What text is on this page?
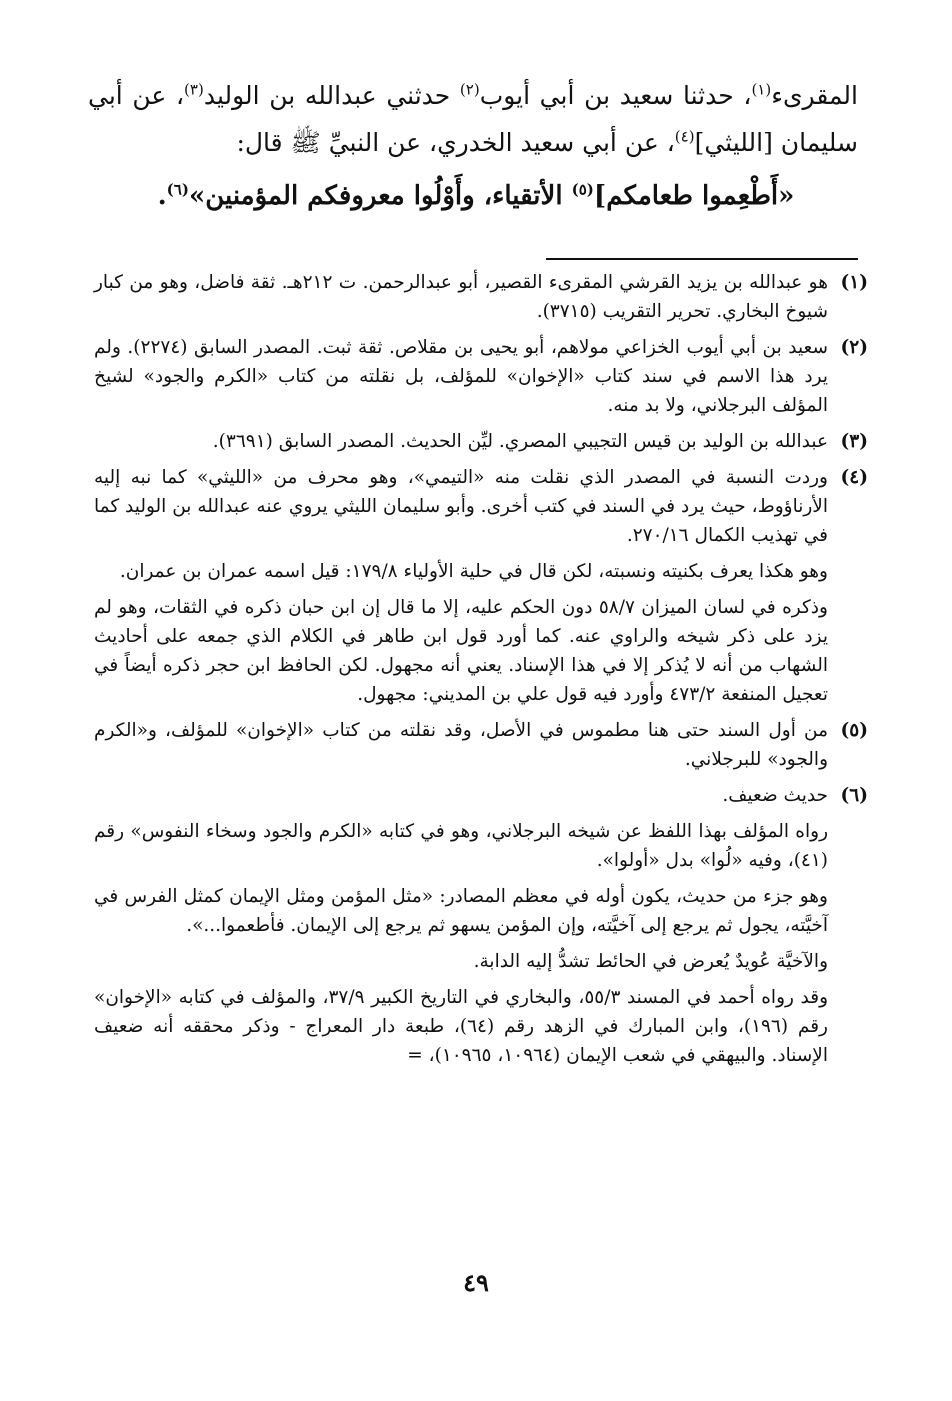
المقرىء$^{(١)}$، حدثنا سعيد بن أبي أيوب$^{(٢)}$ حدثني عبدالله بن الوليد$^{(٣)}$، عن أبي سليمان [الليثي]$^{(٤)}$، عن أبي سعيد الخدري، عن النبيِّ ﷺ قال:
«أَطْعِموا طعامكم]$^{(٥)}$ الأتقياء، وأَوْلُوا معروفكم المؤمنين»$^{(٦)}$.
(١)

هو عبدالله بن يزيد القرشي المقرىء القصير، أبو عبدالرحمن. ت ٢١٢هـ. ثقة فاضل، وهو من كبار شيوخ البخاري. تحرير التقريب (٣٧١٥).

(٢)

سعيد بن أبي أيوب الخزاعي مولاهم، أبو يحيى بن مقلاص. ثقة ثبت. المصدر السابق (٢٢٧٤). ولم يرد هذا الاسم في سند كتاب «الإخوان» للمؤلف، بل نقلته من كتاب «الكرم والجود» لشيخ المؤلف البرجلاني، ولا بد منه.

(٣)

عبدالله بن الوليد بن قيس التجيبي المصري. ليِّن الحديث. المصدر السابق (٣٦٩١).

(٤)

وردت النسبة في المصدر الذي نقلت منه «التيمي»، وهو محرف من «الليثي» كما نبه إليه الأرناؤوط، حيث يرد في السند في كتب أخرى. وأبو سليمان الليثي يروي عنه عبدالله بن الوليد كما في تهذيب الكمال ٢٧٠/١٦.

وهو هكذا يعرف بكنيته ونسبته، لكن قال في حلية الأولياء ١٧٩/٨: قيل اسمه عمران بن عمران.

وذكره في لسان الميزان ٥٨/٧ دون الحكم عليه، إلا ما قال إن ابن حبان ذكره في الثقات، وهو لم يزد على ذكر شيخه والراوي عنه. كما أورد قول ابن طاهر في الكلام الذي جمعه على أحاديث الشهاب من أنه لا يُذكر إلا في هذا الإسناد. يعني أنه مجهول. لكن الحافظ ابن حجر ذكره أيضاً في تعجيل المنفعة ٤٧٣/٢ وأورد فيه قول علي بن المديني: مجهول.

(٥)

من أول السند حتى هنا مطموس في الأصل، وقد نقلته من كتاب «الإخوان» للمؤلف، و«الكرم والجود» للبرجلاني.

(٦)

حديث ضعيف.

رواه المؤلف بهذا اللفظ عن شيخه البرجلاني، وهو في كتابه «الكرم والجود وسخاء النفوس» رقم (٤١)، وفيه «لُوا» بدل «أولوا».

وهو جزء من حديث، يكون أوله في معظم المصادر: «مثل المؤمن ومثل الإيمان كمثل الفرس في آخيَّته، يجول ثم يرجع إلى آخيَّته، وإن المؤمن يسهو ثم يرجع إلى الإيمان. فأطعموا...».

والآخيَّة عُويدٌ يُعرض في الحائط تشدُّ إليه الدابة.

وقد رواه أحمد في المسند ٥٥/٣، والبخاري في التاريخ الكبير ٣٧/٩، والمؤلف في كتابه «الإخوان» رقم (١٩٦)، وابن المبارك في الزهد رقم (٦٤)، طبعة دار المعراج - وذكر محققه أنه ضعيف الإسناد. والبيهقي في شعب الإيمان (١٠٩٦٤، ١٠٩٦٥)، =

٤٩
